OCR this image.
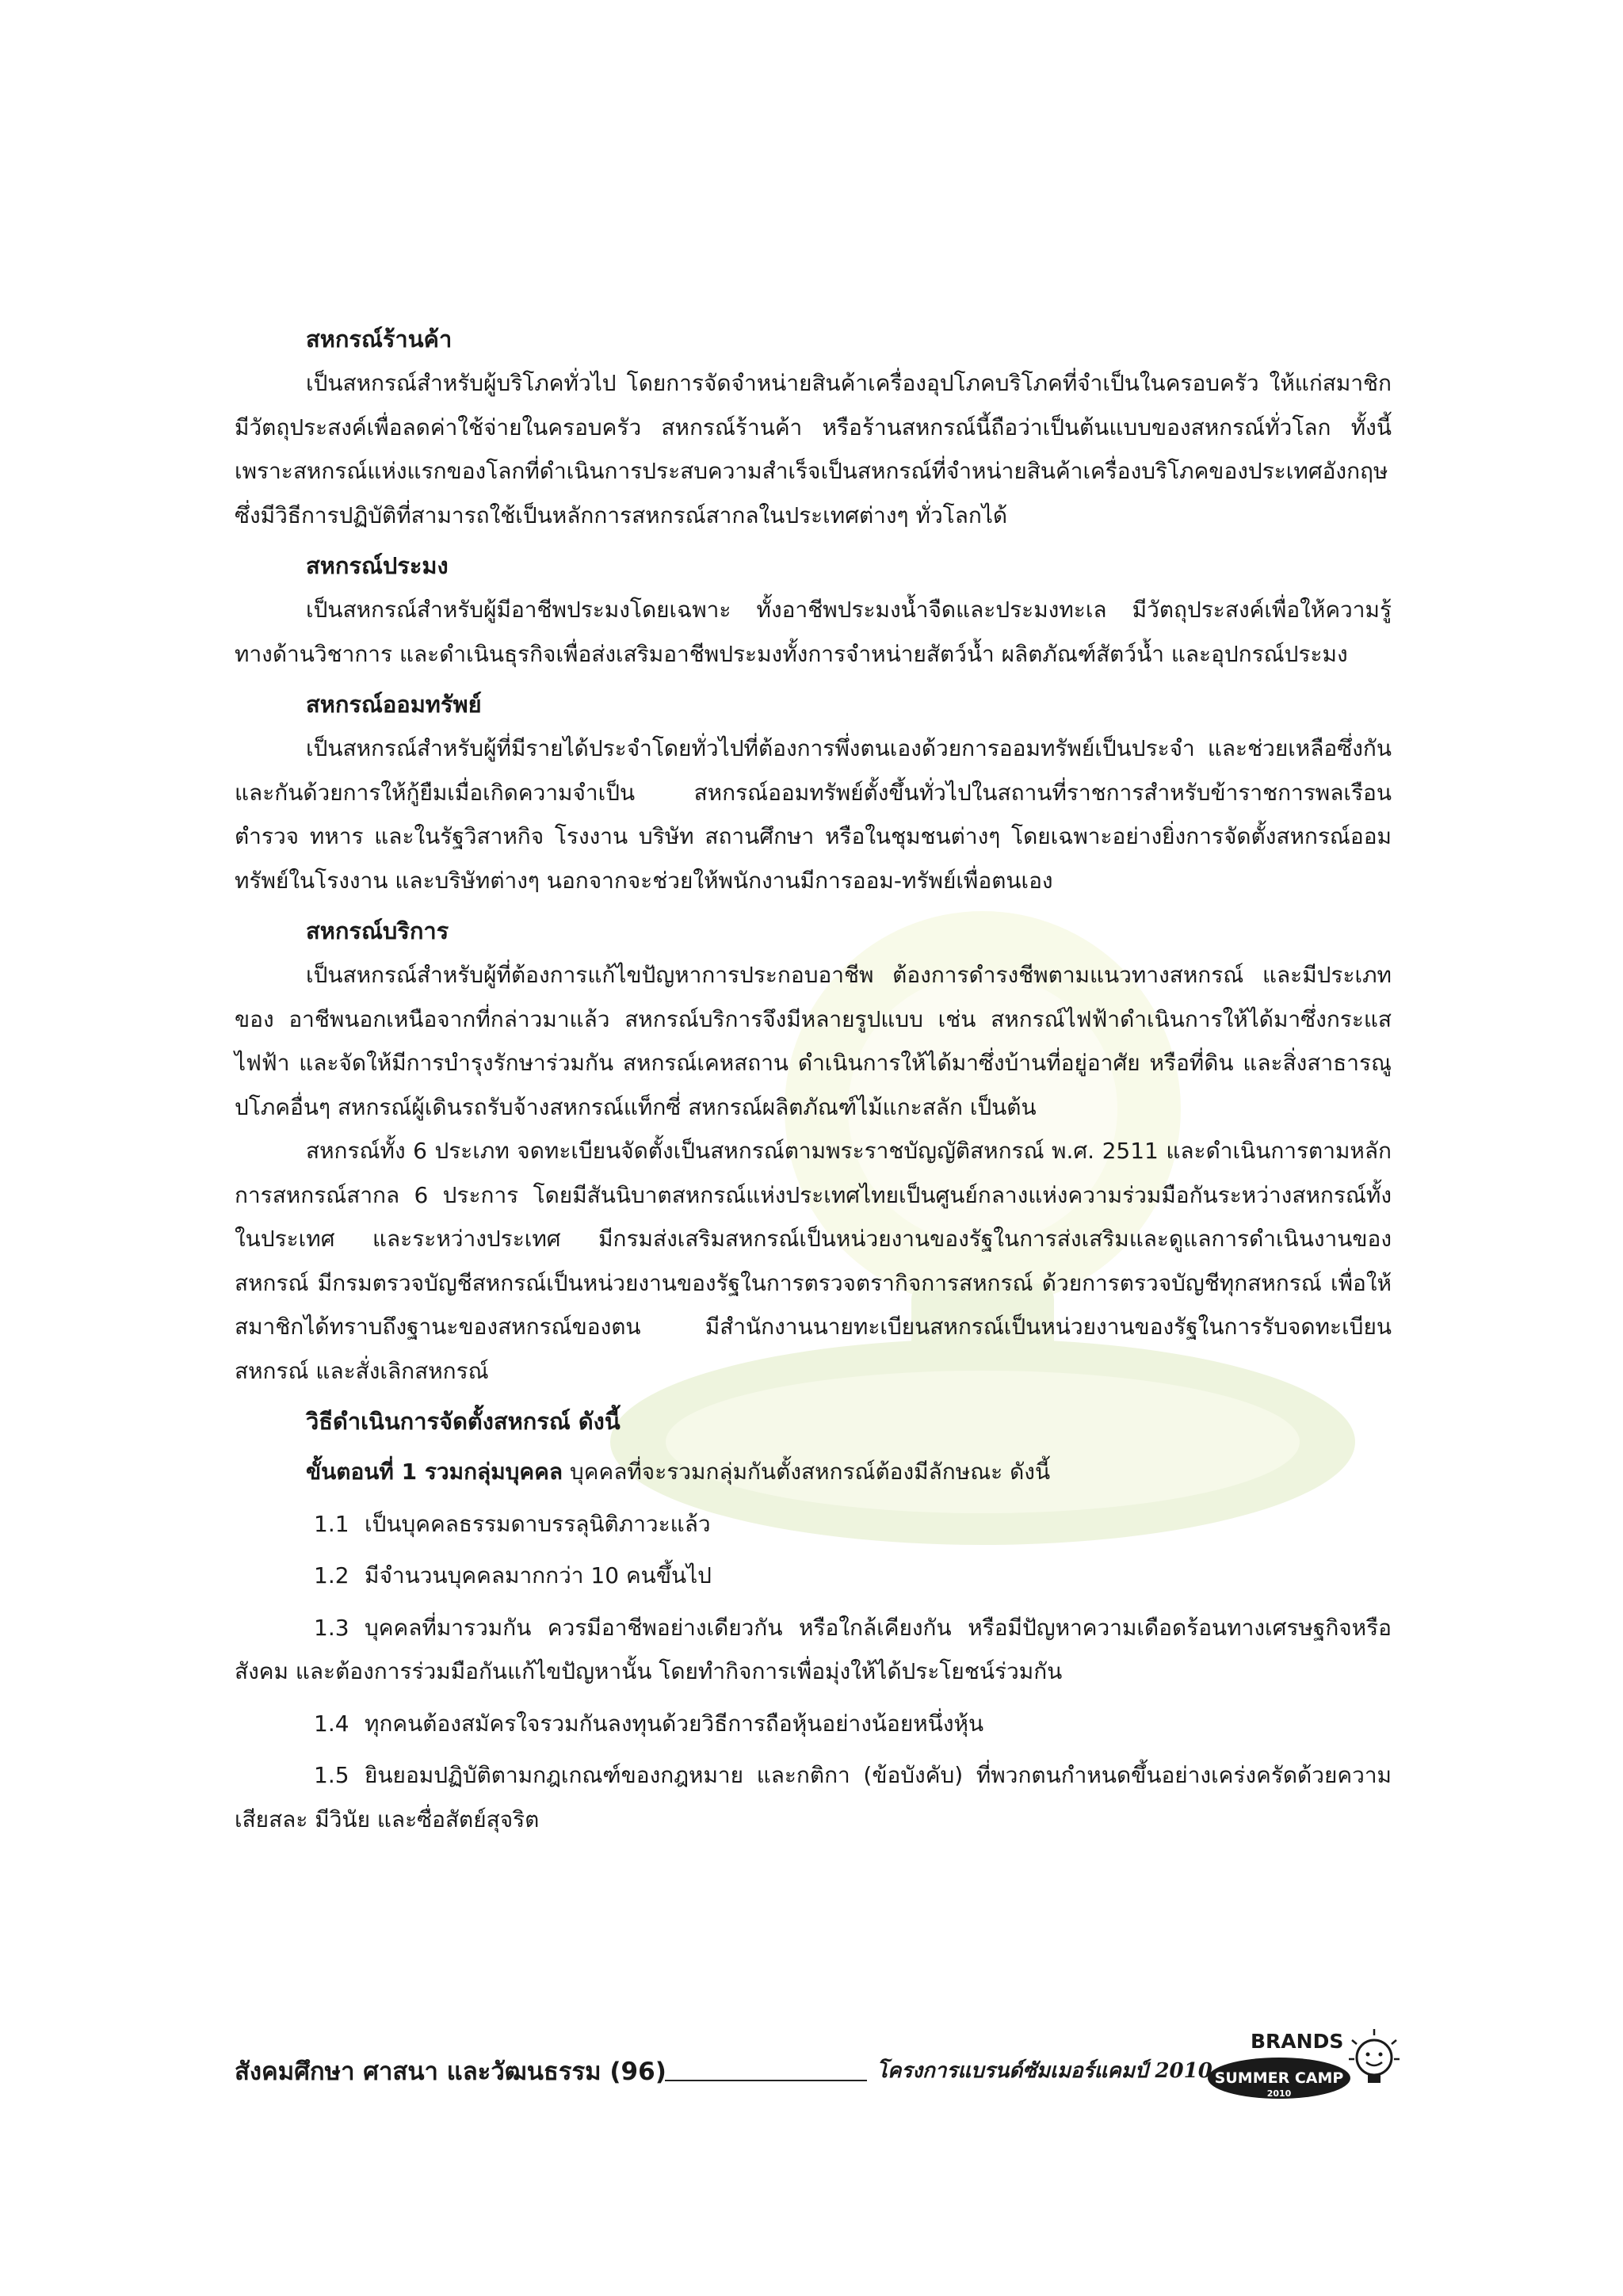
สหกรณ์ร้านค้า

เป็นสหกรณ์สำหรับผู้บริโภคทั่วไป โดยการจัดจำหน่ายสินค้าเครื่องอุปโภคบริโภคที่จำเป็นในครอบครัว ให้แก่สมาชิกมีวัตถุประสงค์เพื่อลดค่าใช้จ่ายในครอบครัว สหกรณ์ร้านค้า หรือร้านสหกรณ์นี้ถือว่าเป็นต้นแบบของสหกรณ์ทั่วโลก ทั้งนี้เพราะสหกรณ์แห่งแรกของโลกที่ดำเนินการประสบความสำเร็จเป็นสหกรณ์ที่จำหน่ายสินค้าเครื่องบริโภคของประเทศอังกฤษซึ่งมีวิธีการปฏิบัติที่สามารถใช้เป็นหลักการสหกรณ์สากลในประเทศต่างๆ ทั่วโลกได้

สหกรณ์ประมง

เป็นสหกรณ์สำหรับผู้มีอาชีพประมงโดยเฉพาะ ทั้งอาชีพประมงน้ำจืดและประมงทะเล มีวัตถุประสงค์เพื่อให้ความรู้ทางด้านวิชาการ และดำเนินธุรกิจเพื่อส่งเสริมอาชีพประมงทั้งการจำหน่ายสัตว์น้ำ ผลิตภัณฑ์สัตว์น้ำ และอุปกรณ์ประมง

สหกรณ์ออมทรัพย์

เป็นสหกรณ์สำหรับผู้ที่มีรายได้ประจำโดยทั่วไปที่ต้องการพึ่งตนเองด้วยการออมทรัพย์เป็นประจำ และช่วยเหลือซึ่งกันและกันด้วยการให้กู้ยืมเมื่อเกิดความจำเป็น สหกรณ์ออมทรัพย์ตั้งขึ้นทั่วไปในสถานที่ราชการสำหรับข้าราชการพลเรือน ตำรวจ ทหาร และในรัฐวิสาหกิจ โรงงาน บริษัท สถานศึกษา หรือในชุมชนต่างๆ โดยเฉพาะอย่างยิ่งการจัดตั้งสหกรณ์ออมทรัพย์ในโรงงาน และบริษัทต่างๆ นอกจากจะช่วยให้พนักงานมีการออม-ทรัพย์เพื่อตนเอง

สหกรณ์บริการ

เป็นสหกรณ์สำหรับผู้ที่ต้องการแก้ไขปัญหาการประกอบอาชีพ ต้องการดำรงชีพตามแนวทางสหกรณ์ และมีประเภทของ อาชีพนอกเหนือจากที่กล่าวมาแล้ว สหกรณ์บริการจึงมีหลายรูปแบบ เช่น สหกรณ์ไฟฟ้าดำเนินการให้ได้มาซึ่งกระแสไฟฟ้า และจัดให้มีการบำรุงรักษาร่วมกัน สหกรณ์เคหสถาน ดำเนินการให้ได้มาซึ่งบ้านที่อยู่อาศัย หรือที่ดิน และสิ่งสาธารณูปโภคอื่นๆ สหกรณ์ผู้เดินรถรับจ้างสหกรณ์แท็กซี่ สหกรณ์ผลิตภัณฑ์ไม้แกะสลัก เป็นต้น

สหกรณ์ทั้ง 6 ประเภท จดทะเบียนจัดตั้งเป็นสหกรณ์ตามพระราชบัญญัติสหกรณ์ พ.ศ. 2511 และดำเนินการตามหลักการสหกรณ์สากล 6 ประการ โดยมีสันนิบาตสหกรณ์แห่งประเทศไทยเป็นศูนย์กลางแห่งความร่วมมือกันระหว่างสหกรณ์ทั้งในประเทศ และระหว่างประเทศ มีกรมส่งเสริมสหกรณ์เป็นหน่วยงานของรัฐในการส่งเสริมและดูแลการดำเนินงานของสหกรณ์ มีกรมตรวจบัญชีสหกรณ์เป็นหน่วยงานของรัฐในการตรวจตรากิจการสหกรณ์ ด้วยการตรวจบัญชีทุกสหกรณ์ เพื่อให้สมาชิกได้ทราบถึงฐานะของสหกรณ์ของตน มีสำนักงานนายทะเบียนสหกรณ์เป็นหน่วยงานของรัฐในการรับจดทะเบียนสหกรณ์ และสั่งเลิกสหกรณ์

วิธีดำเนินการจัดตั้งสหกรณ์ ดังนี้
ขั้นตอนที่ 1 รวมกลุ่มบุคคล บุคคลที่จะรวมกลุ่มกันตั้งสหกรณ์ต้องมีลักษณะ ดังนี้

1.1 เป็นบุคคลธรรมดาบรรลุนิติภาวะแล้ว

1.2 มีจำนวนบุคคลมากกว่า 10 คนขึ้นไป

1.3 บุคคลที่มารวมกัน ควรมีอาชีพอย่างเดียวกัน หรือใกล้เคียงกัน หรือมีปัญหาความเดือดร้อนทางเศรษฐกิจหรือสังคม และต้องการร่วมมือกันแก้ไขปัญหานั้น โดยทำกิจการเพื่อมุ่งให้ได้ประโยชน์ร่วมกัน

1.4 ทุกคนต้องสมัครใจรวมกันลงทุนด้วยวิธีการถือหุ้นอย่างน้อยหนึ่งหุ้น

1.5 ยินยอมปฏิบัติตามกฎเกณฑ์ของกฎหมาย และกติกา (ข้อบังคับ) ที่พวกตนกำหนดขึ้นอย่างเคร่งครัดด้วยความเสียสละ มีวินัย และซื่อสัตย์สุจริต

สังคมศึกษา ศาสนา และวัฒนธรรม (96)	โครงการแบรนด์ซัมเมอร์แคมป์ 2010
BRANDS
SUMMER CAMP
2010
